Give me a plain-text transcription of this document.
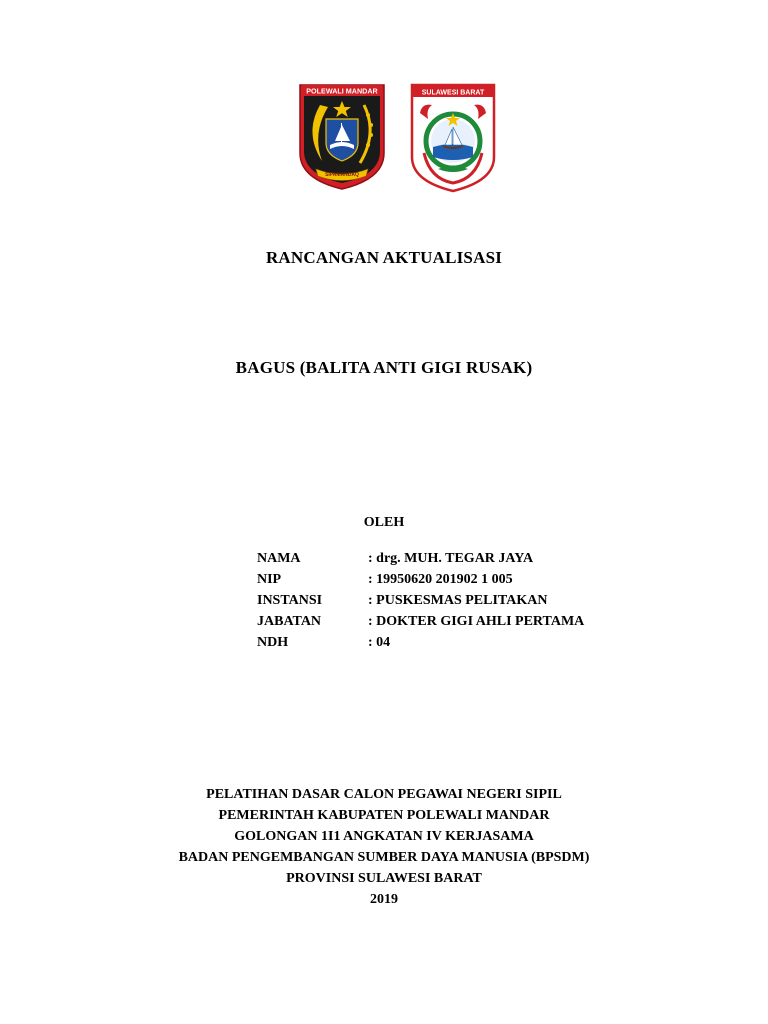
POLEWALI MANDAR
SIPAMANDAQ
SULAWESI BARAT
RANCANGAN AKTUALISASI
BAGUS (BALITA ANTI GIGI RUSAK)
OLEH
NAMA	: drg. MUH. TEGAR JAYA
NIP	: 19950620 201902 1 005
INSTANSI	: PUSKESMAS PELITAKAN
JABATAN	: DOKTER GIGI AHLI PERTAMA
NDH	: 04
PELATIHAN DASAR CALON PEGAWAI NEGERI SIPIL
PEMERINTAH KABUPATEN POLEWALI MANDAR
GOLONGAN 1I1 ANGKATAN IV KERJASAMA
BADAN PENGEMBANGAN SUMBER DAYA MANUSIA (BPSDM)
PROVINSI SULAWESI BARAT
2019
